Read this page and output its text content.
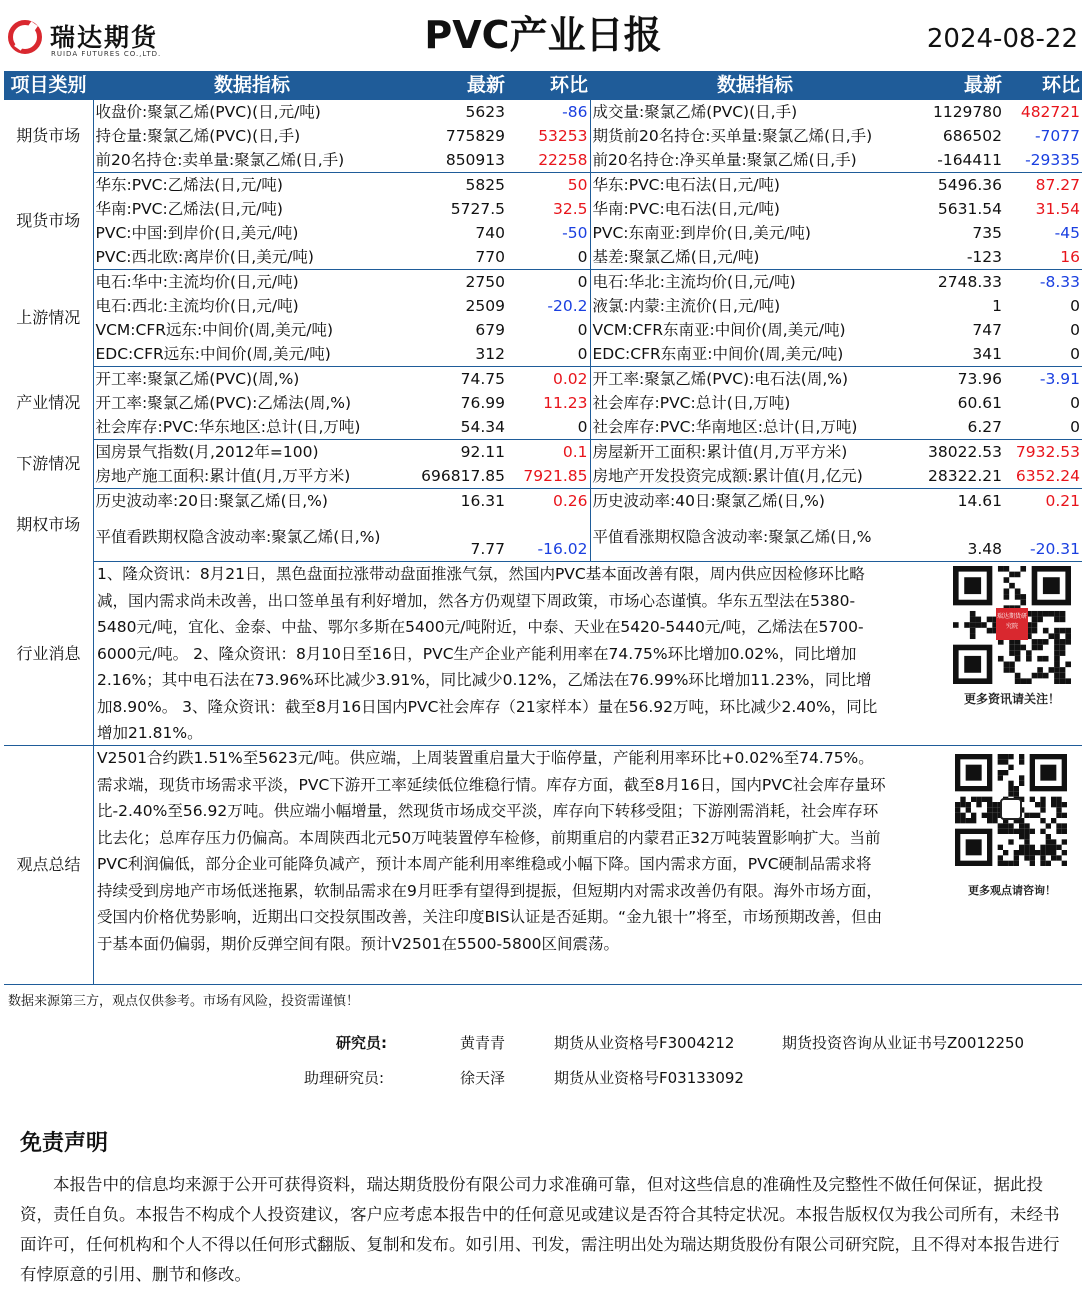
瑞达期货
RUIDA FUTURES CO.,LTD.	PVC产业日报	2024-08-22
项目类别	数据指标	最新	环比	数据指标	最新	环比
期货市场	收盘价:聚氯乙烯(PVC)(日,元/吨)	5623	-86	成交量:聚氯乙烯(PVC)(日,手)	1129780	482721
	持仓量:聚氯乙烯(PVC)(日,手)	775829	53253	期货前20名持仓:买单量:聚氯乙烯(日,手)	686502	-7077
	前20名持仓:卖单量:聚氯乙烯(日,手)	850913	22258	前20名持仓:净买单量:聚氯乙烯(日,手)	-164411	-29335
现货市场	华东:PVC:乙烯法(日,元/吨)	5825	50	华东:PVC:电石法(日,元/吨)	5496.36	87.27
	华南:PVC:乙烯法(日,元/吨)	5727.5	32.5	华南:PVC:电石法(日,元/吨)	5631.54	31.54
	PVC:中国:到岸价(日,美元/吨)	740	-50	PVC:东南亚:到岸价(日,美元/吨)	735	-45
	PVC:西北欧:离岸价(日,美元/吨)	770	0	基差:聚氯乙烯(日,元/吨)	-123	16
上游情况	电石:华中:主流均价(日,元/吨)	2750	0	电石:华北:主流均价(日,元/吨)	2748.33	-8.33
	电石:西北:主流均价(日,元/吨)	2509	-20.2	液氯:内蒙:主流价(日,元/吨)	1	0
	VCM:CFR远东:中间价(周,美元/吨)	679	0	VCM:CFR东南亚:中间价(周,美元/吨)	747	0
	EDC:CFR远东:中间价(周,美元/吨)	312	0	EDC:CFR东南亚:中间价(周,美元/吨)	341	0
产业情况	开工率:聚氯乙烯(PVC)(周,%)	74.75	0.02	开工率:聚氯乙烯(PVC):电石法(周,%)	73.96	-3.91
	开工率:聚氯乙烯(PVC):乙烯法(周,%)	76.99	11.23	社会库存:PVC:总计(日,万吨)	60.61	0
	社会库存:PVC:华东地区:总计(日,万吨)	54.34	0	社会库存:PVC:华南地区:总计(日,万吨)	6.27	0
下游情况	国房景气指数(月,2012年=100)	92.11	0.1	房屋新开工面积:累计值(月,万平方米)	38022.53	7932.53
	房地产施工面积:累计值(月,万平方米)	696817.85	7921.85	房地产开发投资完成额:累计值(月,亿元)	28322.21	6352.24
期权市场	历史波动率:20日:聚氯乙烯(日,%)	16.31	0.26	历史波动率:40日:聚氯乙烯(日,%)	14.61	0.21
	平值看跌期权隐含波动率:聚氯乙烯(日,%)	7.77	-16.02	平值看涨期权隐含波动率:聚氯乙烯(日,%	3.48	-20.31
行业消息
1、隆众资讯：8月21日，黑色盘面拉涨带动盘面推涨气氛，然国内PVC基本面改善有限，周内供应因检修环比略减，国内需求尚未改善，出口签单虽有利好增加，然各方仍观望下周政策，市场心态谨慎。华东五型法在5380-5480元/吨，宜化、金泰、中盐、鄂尔多斯在5400元/吨附近，中泰、天业在5420-5440元/吨，乙烯法在5700-6000元/吨。 2、隆众资讯：8月10日至16日，PVC生产企业产能利用率在74.75%环比增加0.02%，同比增加2.16%；其中电石法在73.96%环比减少3.91%，同比减少0.12%，乙烯法在76.99%环比增加11.23%，同比增加8.90%。 3、隆众资讯：截至8月16日国内PVC社会库存（21家样本）量在56.92万吨，环比减少2.40%，同比增加21.81%。
瑞达期货研究院
更多资讯请关注！
观点总结
V2501合约跌1.51%至5623元/吨。供应端，上周装置重启量大于临停量，产能利用率环比+0.02%至74.75%。需求端，现货市场需求平淡，PVC下游开工率延续低位维稳行情。库存方面，截至8月16日，国内PVC社会库存量环比-2.40%至56.92万吨。供应端小幅增量，然现货市场成交平淡，库存向下转移受阻；下游刚需消耗，社会库存环比去化；总库存压力仍偏高。本周陕西北元50万吨装置停车检修，前期重启的内蒙君正32万吨装置影响扩大。当前PVC利润偏低，部分企业可能降负减产，预计本周产能利用率维稳或小幅下降。国内需求方面，PVC硬制品需求将持续受到房地产市场低迷拖累，软制品需求在9月旺季有望得到提振，但短期内对需求改善仍有限。海外市场方面，受国内价格优势影响，近期出口交投氛围改善，关注印度BIS认证是否延期。“金九银十”将至，市场预期改善，但由于基本面仍偏弱，期价反弹空间有限。预计V2501在5500-5800区间震荡。
更多观点请咨询！
数据来源第三方，观点仅供参考。市场有风险，投资需谨慎！
研究员:	黄青青	期货从业资格号F3004212	期货投资咨询从业证书号Z0012250
助理研究员:	徐天泽	期货从业资格号F03133092
免责声明
本报告中的信息均来源于公开可获得资料，瑞达期货股份有限公司力求准确可靠，但对这些信息的准确性及完整性不做任何保证，据此投资，责任自负。本报告不构成个人投资建议，客户应考虑本报告中的任何意见或建议是否符合其特定状况。本报告版权仅为我公司所有，未经书面许可，任何机构和个人不得以任何形式翻版、复制和发布。如引用、刊发，需注明出处为瑞达期货股份有限公司研究院，且不得对本报告进行有悖原意的引用、删节和修改。
